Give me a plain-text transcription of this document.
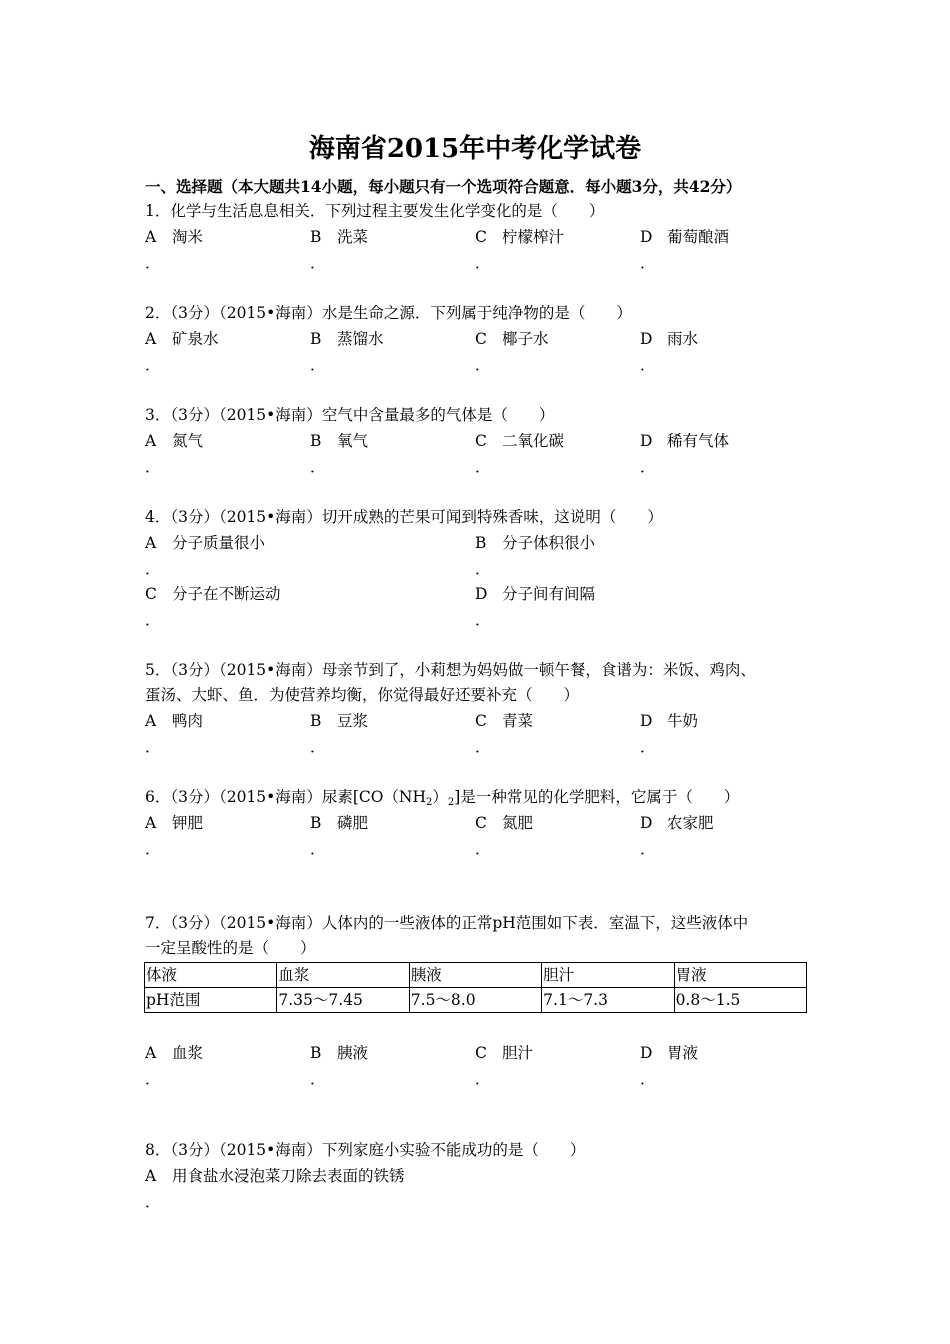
海南省2015年中考化学试卷
一、选择题（本大题共14小题，每小题只有一个选项符合题意．每小题3分，共42分）
1．化学与生活息息相关．下列过程主要发生化学变化的是（　　）
A 淘米	B 洗菜	C 柠檬榨汁	D 葡萄酿酒
．	．	．	．
2．（3分）（2015•海南）水是生命之源．下列属于纯净物的是（　　）
A 矿泉水	B 蒸馏水	C 椰子水	D 雨水
．	．	．	．
3．（3分）（2015•海南）空气中含量最多的气体是（　　）
A 氮气	B 氧气	C 二氧化碳	D 稀有气体
．	．	．	．
4．（3分）（2015•海南）切开成熟的芒果可闻到特殊香味，这说明（　　）
A 分子质量很小	B 分子体积很小
．	．
C 分子在不断运动	D 分子间有间隔
．	．
5．（3分）（2015•海南）母亲节到了，小莉想为妈妈做一顿午餐，食谱为：米饭、鸡肉、
蛋汤、大虾、鱼．为使营养均衡，你觉得最好还要补充（　　）
A 鸭肉	B 豆浆	C 青菜	D 牛奶
．	．	．	．
6．（3分）（2015•海南）尿素$[CO(NH_2)_2]$是一种常见的化学肥料，它属于（　　）
A 钾肥	B 磷肥	C 氮肥	D 农家肥
．	．	．	．
7．（3分）（2015•海南）人体内的一些液体的正常pH范围如下表．室温下，这些液体中
一定呈酸性的是（　　）
体液	血浆	胰液	胆汁	胃液
pH范围	7.35～7.45	7.5～8.0	7.1～7.3	0.8～1.5
A 血浆	B 胰液	C 胆汁	D 胃液
．	．	．	．
8．（3分）（2015•海南）下列家庭小实验不能成功的是（　　）
A 用食盐水浸泡菜刀除去表面的铁锈
．
